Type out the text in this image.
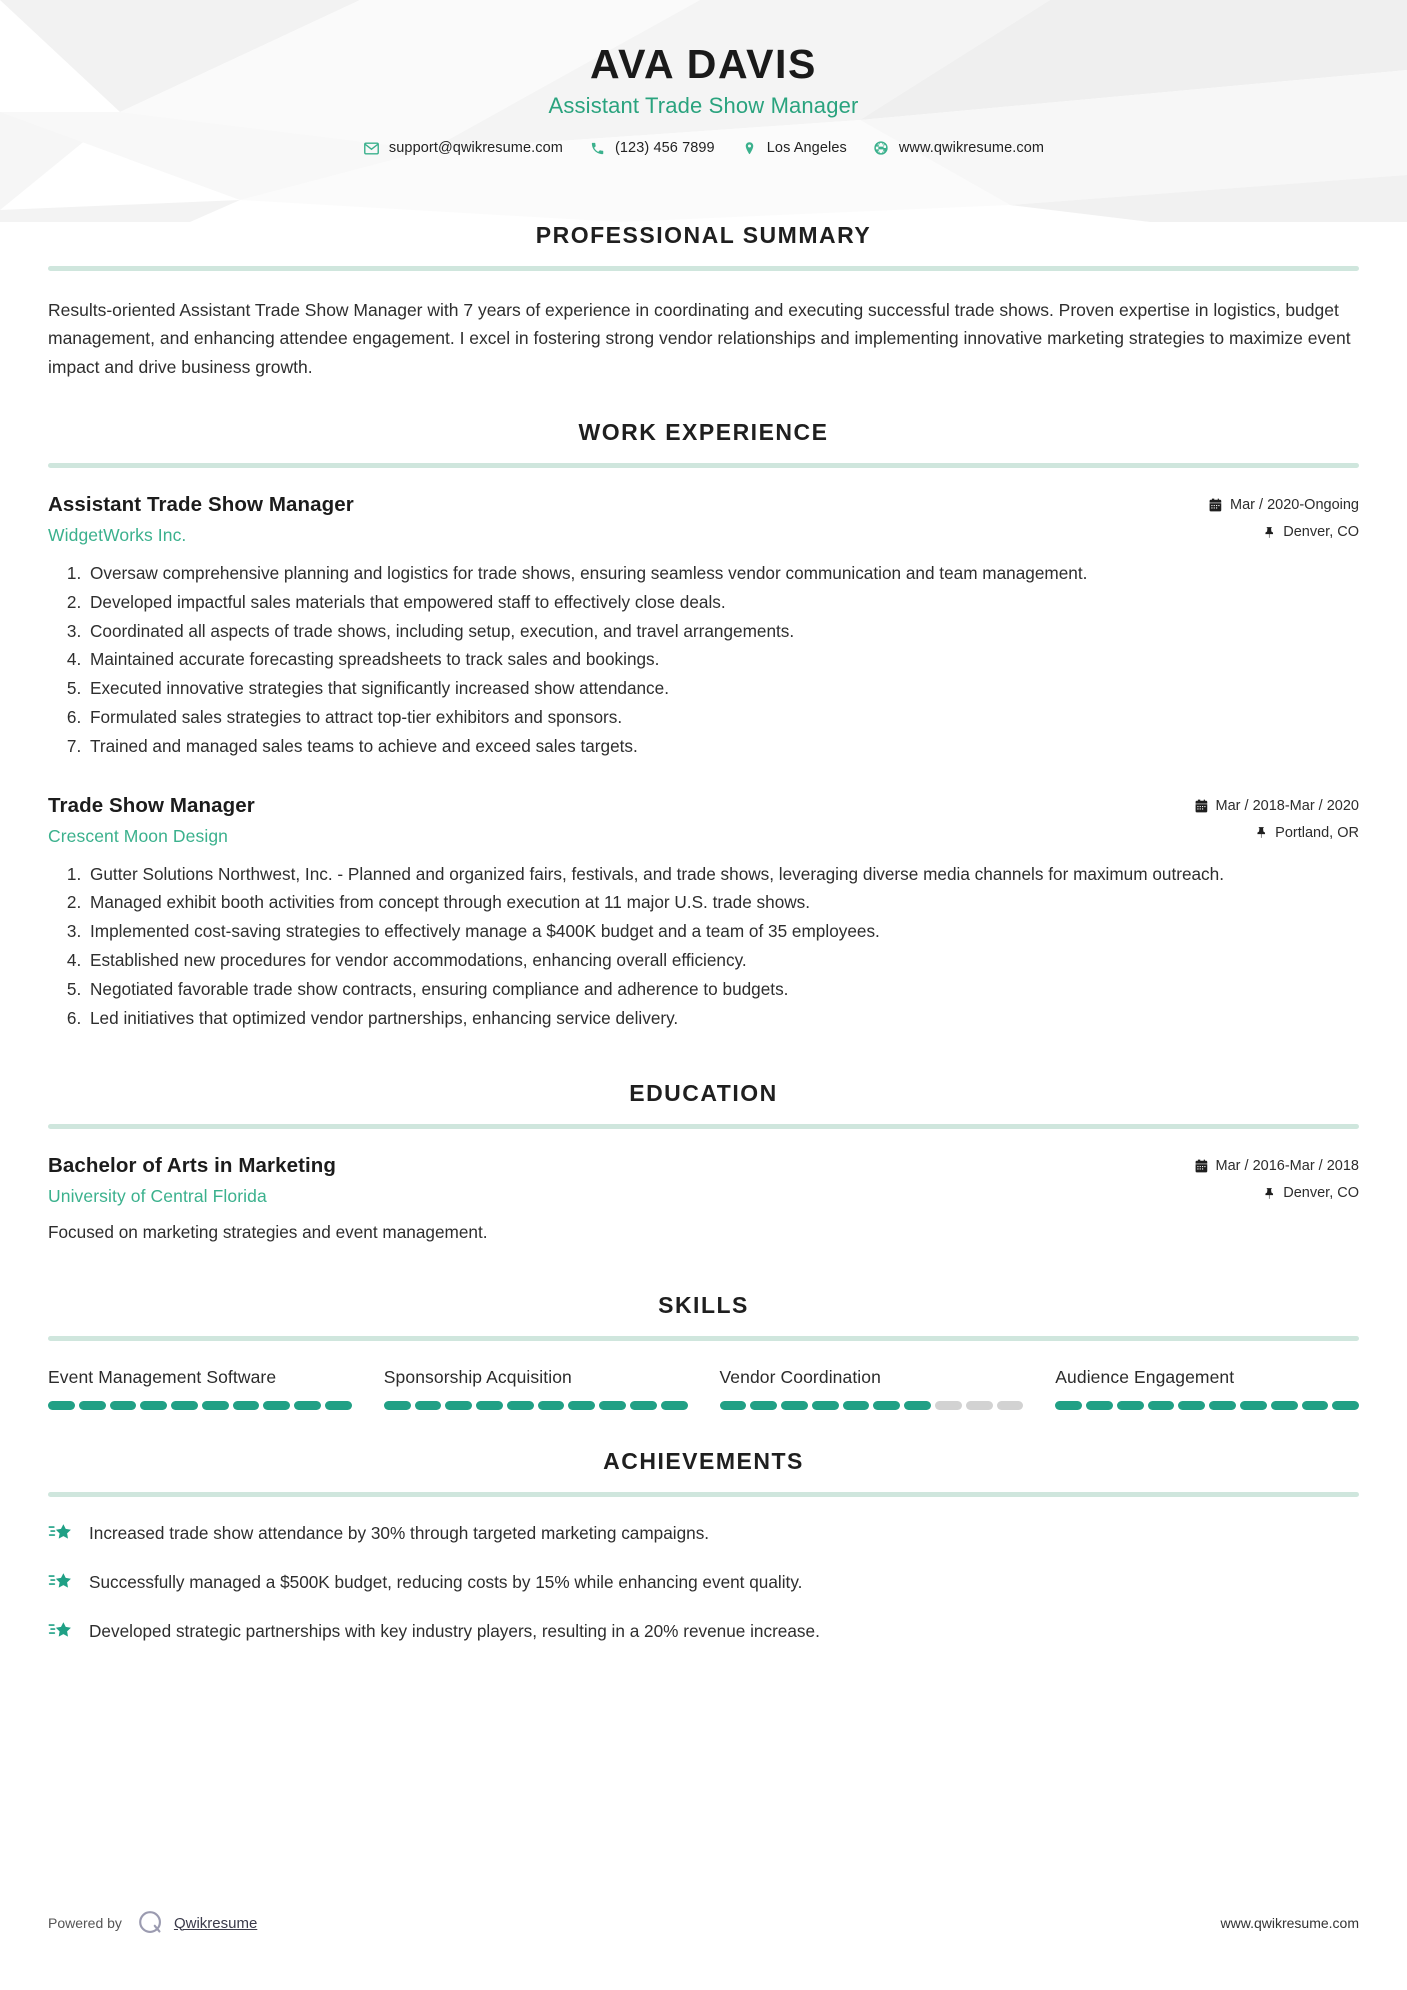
AVA DAVIS
Assistant Trade Show Manager
support@qwikresume.com	(123) 456 7899	Los Angeles	www.qwikresume.com
PROFESSIONAL SUMMARY

Results-oriented Assistant Trade Show Manager with 7 years of experience in coordinating and executing successful trade shows. Proven expertise in logistics, budget management, and enhancing attendee engagement. I excel in fostering strong vendor relationships and implementing innovative marketing strategies to maximize event impact and drive business growth.

WORK EXPERIENCE
Assistant Trade Show Manager
WidgetWorks Inc.
Mar / 2020-Ongoing
Denver, CO
1. Oversaw comprehensive planning and logistics for trade shows, ensuring seamless vendor communication and team management.
2. Developed impactful sales materials that empowered staff to effectively close deals.
3. Coordinated all aspects of trade shows, including setup, execution, and travel arrangements.
4. Maintained accurate forecasting spreadsheets to track sales and bookings.
5. Executed innovative strategies that significantly increased show attendance.
6. Formulated sales strategies to attract top-tier exhibitors and sponsors.
7. Trained and managed sales teams to achieve and exceed sales targets.
Trade Show Manager
Crescent Moon Design
Mar / 2018-Mar / 2020
Portland, OR
1. Gutter Solutions Northwest, Inc. - Planned and organized fairs, festivals, and trade shows, leveraging diverse media channels for maximum outreach.
2. Managed exhibit booth activities from concept through execution at 11 major U.S. trade shows.
3. Implemented cost-saving strategies to effectively manage a $400K budget and a team of 35 employees.
4. Established new procedures for vendor accommodations, enhancing overall efficiency.
5. Negotiated favorable trade show contracts, ensuring compliance and adherence to budgets.
6. Led initiatives that optimized vendor partnerships, enhancing service delivery.
EDUCATION
Bachelor of Arts in Marketing
University of Central Florida
Mar / 2016-Mar / 2018
Denver, CO
Focused on marketing strategies and event management.
SKILLS
Event Management Software	Sponsorship Acquisition	Vendor Coordination	Audience Engagement
ACHIEVEMENTS
Increased trade show attendance by 30% through targeted marketing campaigns.
Successfully managed a $500K budget, reducing costs by 15% while enhancing event quality.
Developed strategic partnerships with key industry players, resulting in a 20% revenue increase.
Powered by	Qwikresume	www.qwikresume.com
